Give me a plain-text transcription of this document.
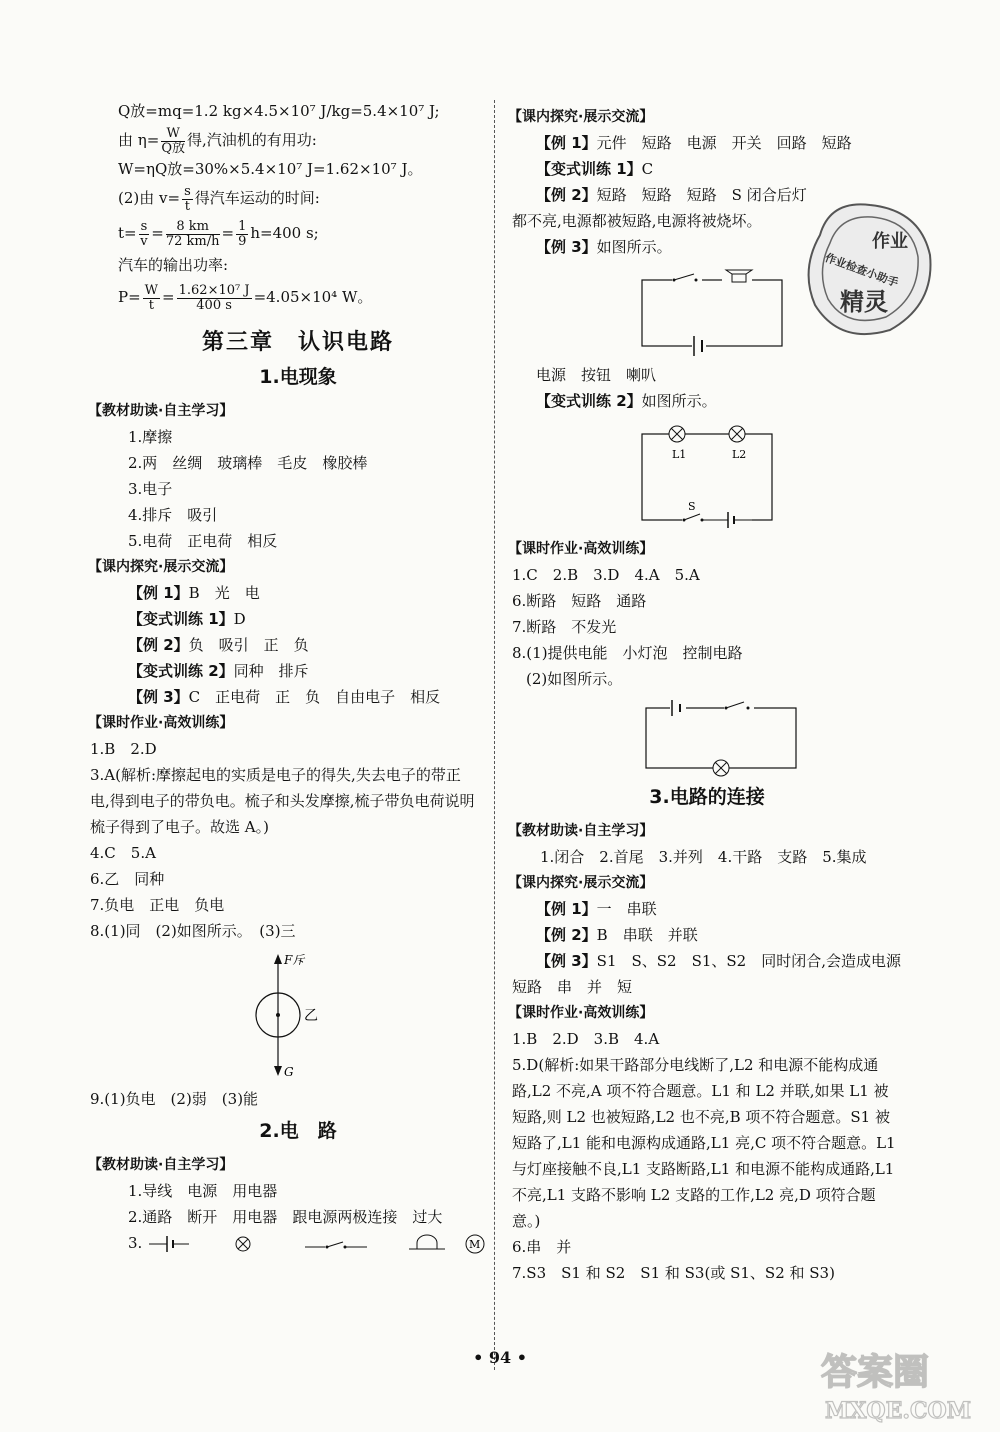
Q放=mq=1.2 kg×4.5×10⁷ J/kg=5.4×10⁷ J;
由 $\eta= \frac{W}{\text{Q放}}$ 得,汽油机的有用功:
W=ηQ放=30%×5.4×10⁷ J=1.62×10⁷ J。
(2)由 $v= \frac{s}{t}$ 得汽车运动的时间:
$t= \frac{s}{v} = \frac{8 km}{72 km/h} = \frac{1}{9} h=400$ s;
汽车的输出功率:
$P= \frac{W}{t} = \frac{\text{1.62×10⁷ J}}{400 s} =4.05\times 10^4$ W。
第三章　认识电路
1.电现象
【教材助读·自主学习】
1.摩擦
2.两　丝绸　玻璃棒　毛皮　橡胶棒
3.电子
4.排斥　吸引
5.电荷　正电荷　相反
【课内探究·展示交流】
【例 1】B　光　电
【变式训练 1】D
【例 2】负　吸引　正　负
【变式训练 2】同种　排斥
【例 3】C　正电荷　正　负　自由电子　相反
【课时作业·高效训练】
1.B　2.D
3.A(解析:摩擦起电的实质是电子的得失,失去电子的带正电,得到电子的带负电。梳子和头发摩擦,梳子带负电荷说明梳子得到了电子。故选 A。)
4.C　5.A
6.乙　同种
7.负电　正电　负电
8.(1)同　(2)如图所示。　(3)三
F斥
G
乙
9.(1)负电　(2)弱　(3)能
2.电　路
【教材助读·自主学习】
1.导线　电源　用电器
2.通路　断开　用电器　跟电源两极连接　过大
3.	M
【课内探究·展示交流】
【例 1】元件　短路　电源　开关　回路　短路
【变式训练 1】C
【例 2】短路　短路　短路　S 闭合后灯都不亮,电源都被短路,电源将被烧坏。
【例 3】如图所示。
电源　按钮　喇叭
【变式训练 2】如图所示。
L1	L2
S
【课时作业·高效训练】
1.C　2.B　3.D　4.A　5.A
6.断路　短路　通路
7.断路　不发光
8.(1)提供电能　小灯泡　控制电路
(2)如图所示。
3.电路的连接
【教材助读·自主学习】
1.闭合　2.首尾　3.并列　4.干路　支路　5.集成
【课内探究·展示交流】
【例 1】一　串联
【例 2】B　串联　并联
【例 3】S1　S、S2　S1、S2　同时闭合,会造成电源短路　串　并　短
【课时作业·高效训练】
1.B　2.D　3.B　4.A
5.D(解析:如果干路部分电线断了,L2 和电源不能构成通路,L2 不亮,A 项不符合题意。L1 和 L2 并联,如果 L1 被短路,则 L2 也被短路,L2 也不亮,B 项不符合题意。S1 被短路了,L1 能和电源构成通路,L1 亮,C 项不符合题意。L1 与灯座接触不良,L1 支路断路,L1 和电源不能构成通路,L1 不亮,L1 支路不影响 L2 支路的工作,L2 亮,D 项符合题意。)
6.串　并
7.S3　S1 和 S2　S1 和 S3(或 S1、S2 和 S3)
• 94 •
作业
作业检查小助手
精灵
答案圈
MXQE.COM
